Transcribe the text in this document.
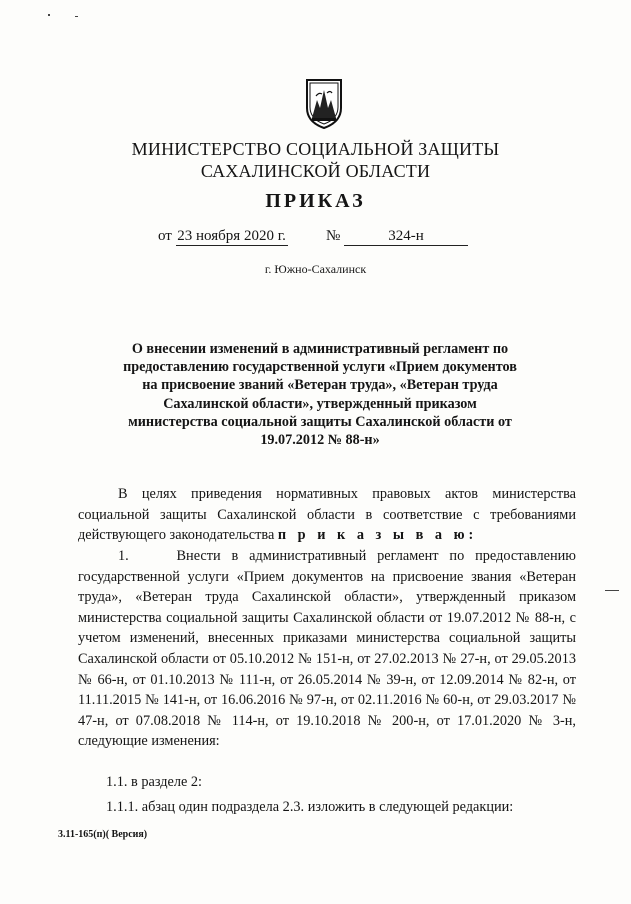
МИНИСТЕРСТВО СОЦИАЛЬНОЙ ЗАЩИТЫ
САХАЛИНСКОЙ ОБЛАСТИ
ПРИКАЗ
от 23 ноября 2020 г.	№	324-н
г. Южно-Сахалинск
О внесении изменений в административный регламент по предоставлению государственной услуги «Прием документов на присвоение званий «Ветеран труда», «Ветеран труда Сахалинской области», утвержденный приказом министерства социальной защиты Сахалинской области от 19.07.2012 № 88-н»
В целях приведения нормативных правовых актов министерства социальной защиты Сахалинской области в соответствие с требованиями действующего законодательства п р и к а з ы в а ю:
1.	Внести в административный регламент по предоставлению государственной услуги «Прием документов на присвоение звания «Ветеран труда», «Ветеран труда Сахалинской области», утвержденный приказом министерства социальной защиты Сахалинской области от 19.07.2012 № 88-н, с учетом изменений, внесенных приказами министерства социальной защиты Сахалинской области от 05.10.2012 № 151-н, от 27.02.2013 № 27-н, от 29.05.2013 № 66-н, от 01.10.2013 № 111-н, от 26.05.2014 № 39-н, от 12.09.2014 № 82-н, от 11.11.2015 № 141-н, от 16.06.2016 № 97-н, от 02.11.2016 № 60-н, от 29.03.2017 № 47-н, от 07.08.2018 № 114-н, от 19.10.2018 № 200-н, от 17.01.2020 № 3-н, следующие изменения:
1.1. в разделе 2:
1.1.1. абзац один подраздела 2.3. изложить в следующей редакции:
3.11-165(п)( Версия)
